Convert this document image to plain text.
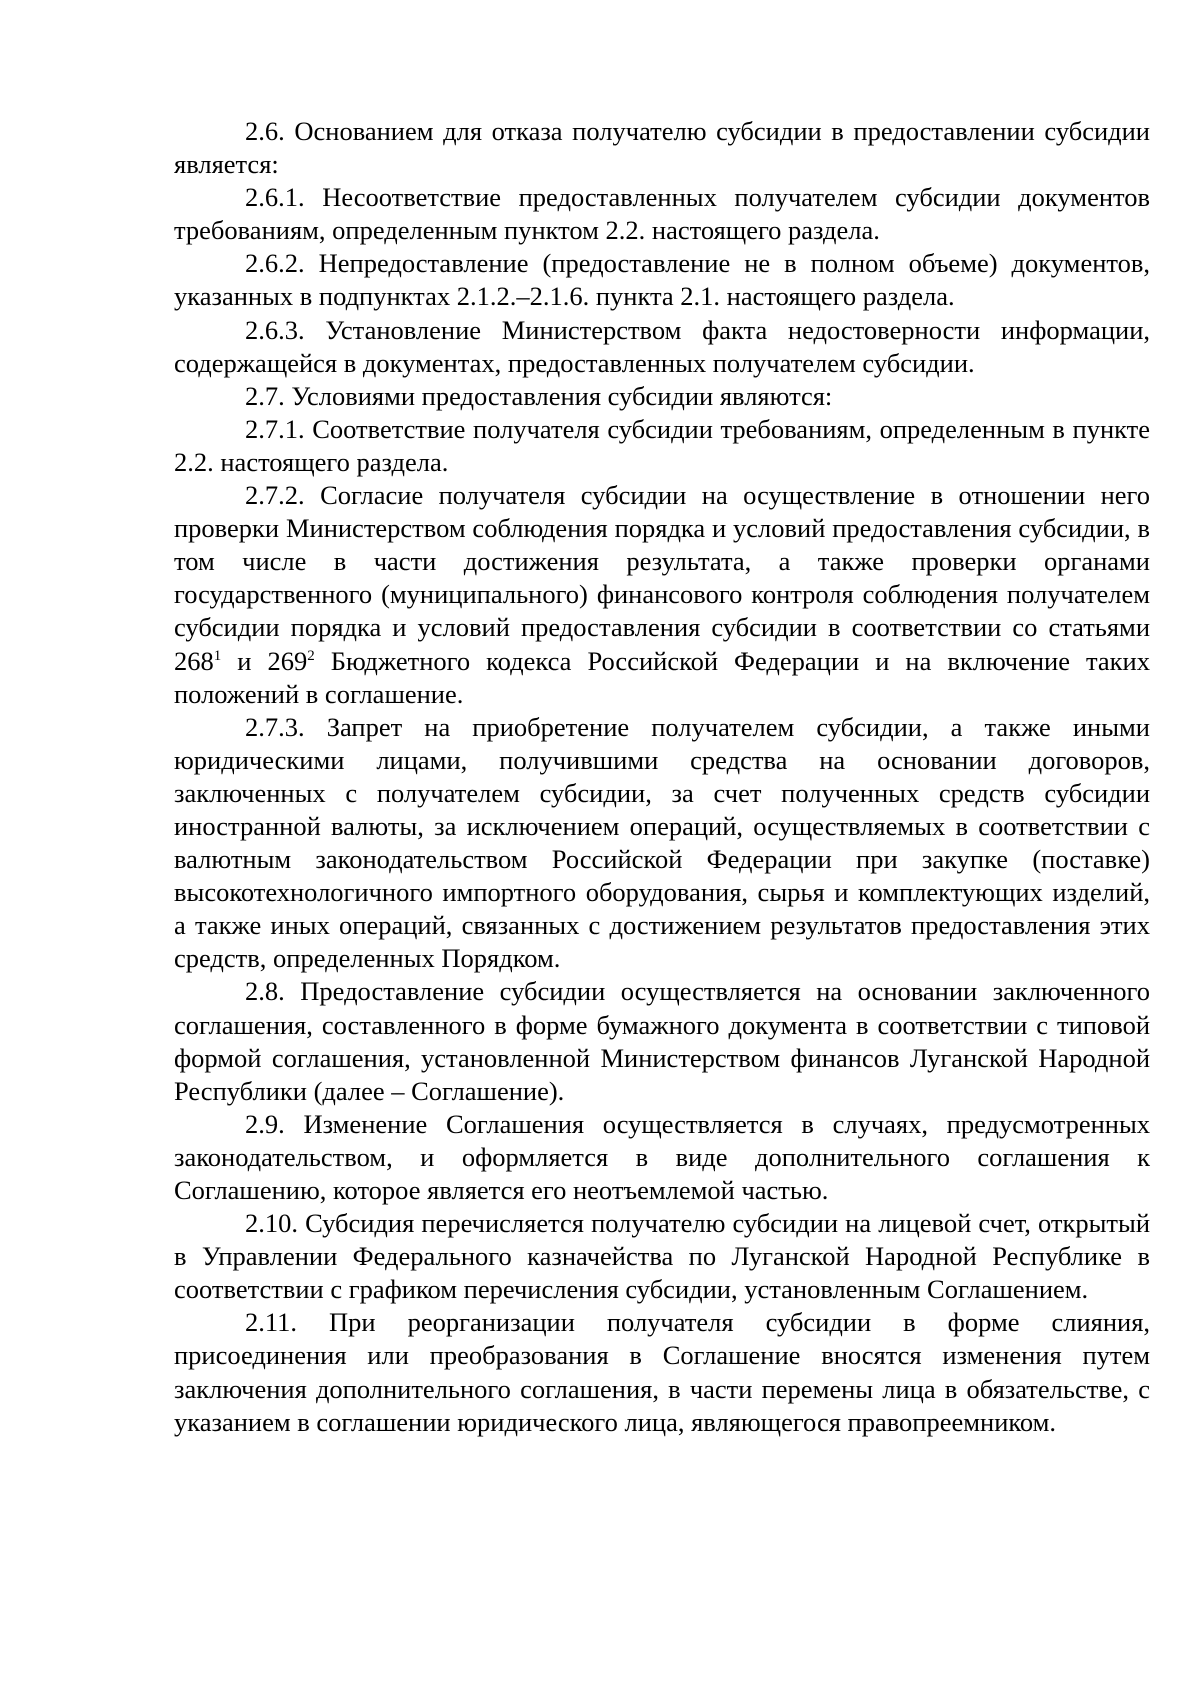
2.6. Основанием для отказа получателю субсидии в предоставлении субсидии является:

2.6.1. Несоответствие предоставленных получателем субсидии документов требованиям, определенным пунктом 2.2. настоящего раздела.

2.6.2. Непредоставление (предоставление не в полном объеме) документов, указанных в подпунктах 2.1.2.–2.1.6. пункта 2.1. настоящего раздела.

2.6.3. Установление Министерством факта недостоверности информации, содержащейся в документах, предоставленных получателем субсидии.

2.7. Условиями предоставления субсидии являются:

2.7.1. Соответствие получателя субсидии требованиям, определенным в пункте 2.2. настоящего раздела.

2.7.2. Согласие получателя субсидии на осуществление в отношении него проверки Министерством соблюдения порядка и условий предоставления субсидии, в том числе в части достижения результата, а также проверки органами государственного (муниципального) финансового контроля соблюдения получателем субсидии порядка и условий предоставления субсидии в соответствии со статьями $268^1$ и $269^2$ Бюджетного кодекса Российской Федерации и на включение таких положений в соглашение.

2.7.3. Запрет на приобретение получателем субсидии, а также иными юридическими лицами, получившими средства на основании договоров, заключенных с получателем субсидии, за счет полученных средств субсидии иностранной валюты, за исключением операций, осуществляемых в соответствии с валютным законодательством Российской Федерации при закупке (поставке) высокотехнологичного импортного оборудования, сырья и комплектующих изделий, а также иных операций, связанных с достижением результатов предоставления этих средств, определенных Порядком.

2.8. Предоставление субсидии осуществляется на основании заключенного соглашения, составленного в форме бумажного документа в соответствии с типовой формой соглашения, установленной Министерством финансов Луганской Народной Республики (далее – Соглашение).

2.9. Изменение Соглашения осуществляется в случаях, предусмотренных законодательством, и оформляется в виде дополнительного соглашения к Соглашению, которое является его неотъемлемой частью.

2.10. Субсидия перечисляется получателю субсидии на лицевой счет, открытый в Управлении Федерального казначейства по Луганской Народной Республике в соответствии с графиком перечисления субсидии, установленным Соглашением.

2.11. При реорганизации получателя субсидии в форме слияния, присоединения или преобразования в Соглашение вносятся изменения путем заключения дополнительного соглашения, в части перемены лица в обязательстве, с указанием в соглашении юридического лица, являющегося правопреемником.
